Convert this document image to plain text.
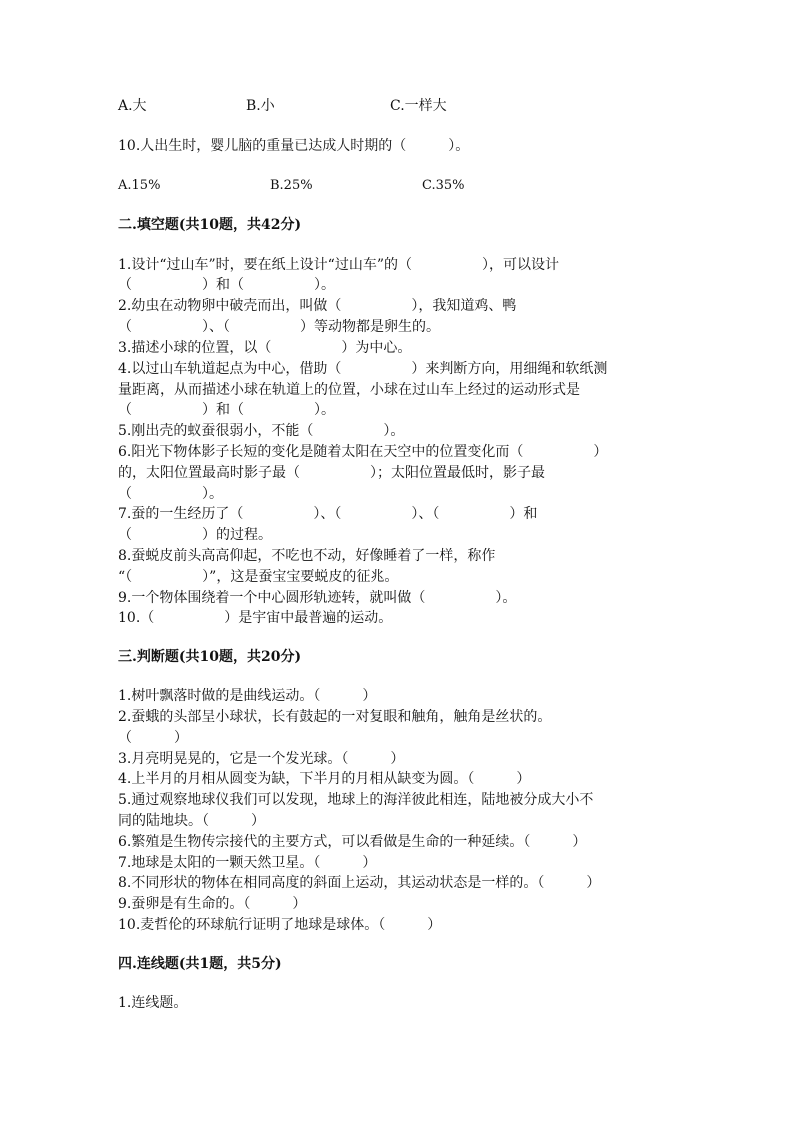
A.大	B.小	C.一样大
10.人出生时，婴儿脑的重量已达成人时期的（　　　）。
A.15%	B.25%	C.35%
二.填空题(共10题，共42分)
1.设计“过山车”时，要在纸上设计“过山车”的（　　　　　），可以设计
（　　　　　）和（　　　　　）。
2.幼虫在动物卵中破壳而出，叫做（　　　　　），我知道鸡、鸭
（　　　　　）、（　　　　　）等动物都是卵生的。
3.描述小球的位置，以（　　　　　）为中心。
4.以过山车轨道起点为中心，借助（　　　　　）来判断方向，用细绳和软纸测
量距离，从而描述小球在轨道上的位置，小球在过山车上经过的运动形式是
（　　　　　）和（　　　　　）。
5.刚出壳的蚁蚕很弱小，不能（　　　　　）。
6.阳光下物体影子长短的变化是随着太阳在天空中的位置变化而（　　　　　）
的，太阳位置最高时影子最（　　　　　）；太阳位置最低时，影子最
（　　　　　）。
7.蚕的一生经历了（　　　　　）、（　　　　　）、（　　　　　）和
（　　　　　）的过程。
8.蚕蜕皮前头高高仰起，不吃也不动，好像睡着了一样，称作
“（　　　　　）”，这是蚕宝宝要蜕皮的征兆。
9.一个物体围绕着一个中心圆形轨迹转，就叫做（　　　　　）。
10.（　　　　　）是宇宙中最普遍的运动。
三.判断题(共10题，共20分)
1.树叶飘落时做的是曲线运动。（　　　）
2.蚕蛾的头部呈小球状，长有鼓起的一对复眼和触角，触角是丝状的。
（　　　）
3.月亮明晃晃的，它是一个发光球。（　　　）
4.上半月的月相从圆变为缺，下半月的月相从缺变为圆。（　　　）
5.通过观察地球仪我们可以发现，地球上的海洋彼此相连，陆地被分成大小不
同的陆地块。（　　　）
6.繁殖是生物传宗接代的主要方式，可以看做是生命的一种延续。（　　　）
7.地球是太阳的一颗天然卫星。（　　　）
8.不同形状的物体在相同高度的斜面上运动，其运动状态是一样的。（　　　）
9.蚕卵是有生命的。（　　　）
10.麦哲伦的环球航行证明了地球是球体。（　　　）
四.连线题(共1题，共5分)
1.连线题。
